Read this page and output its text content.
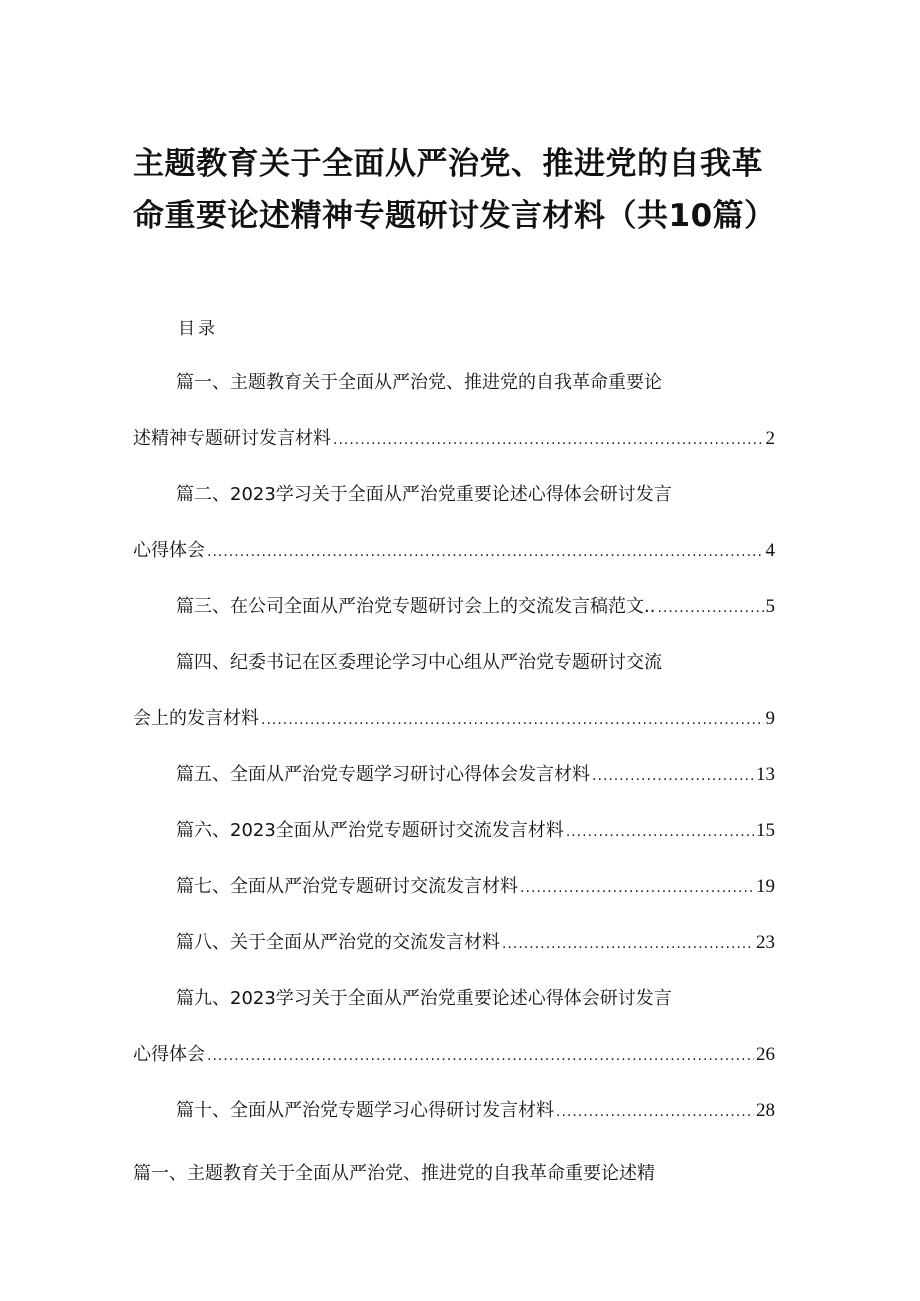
主题教育关于全面从严治党、推进党的自我革命重要论述精神专题研讨发言材料（共10篇）
目录
篇一、主题教育关于全面从严治党、推进党的自我革命重要论
述精神专题研讨发言材料 .....	2
篇二、2023学习关于全面从严治党重要论述心得体会研讨发言
心得体会 .....	4
篇三、在公司全面从严治党专题研讨会上的交流发言稿范文.. .....	5
篇四、纪委书记在区委理论学习中心组从严治党专题研讨交流
会上的发言材料 .....	9
篇五、全面从严治党专题学习研讨心得体会发言材料 .....	13
篇六、2023全面从严治党专题研讨交流发言材料 .....	15
篇七、全面从严治党专题研讨交流发言材料 .....	19
篇八、关于全面从严治党的交流发言材料 .....	23
篇九、2023学习关于全面从严治党重要论述心得体会研讨发言
心得体会 .....	26
篇十、全面从严治党专题学习心得研讨发言材料 .....	28

篇一、主题教育关于全面从严治党、推进党的自我革命重要论述精
